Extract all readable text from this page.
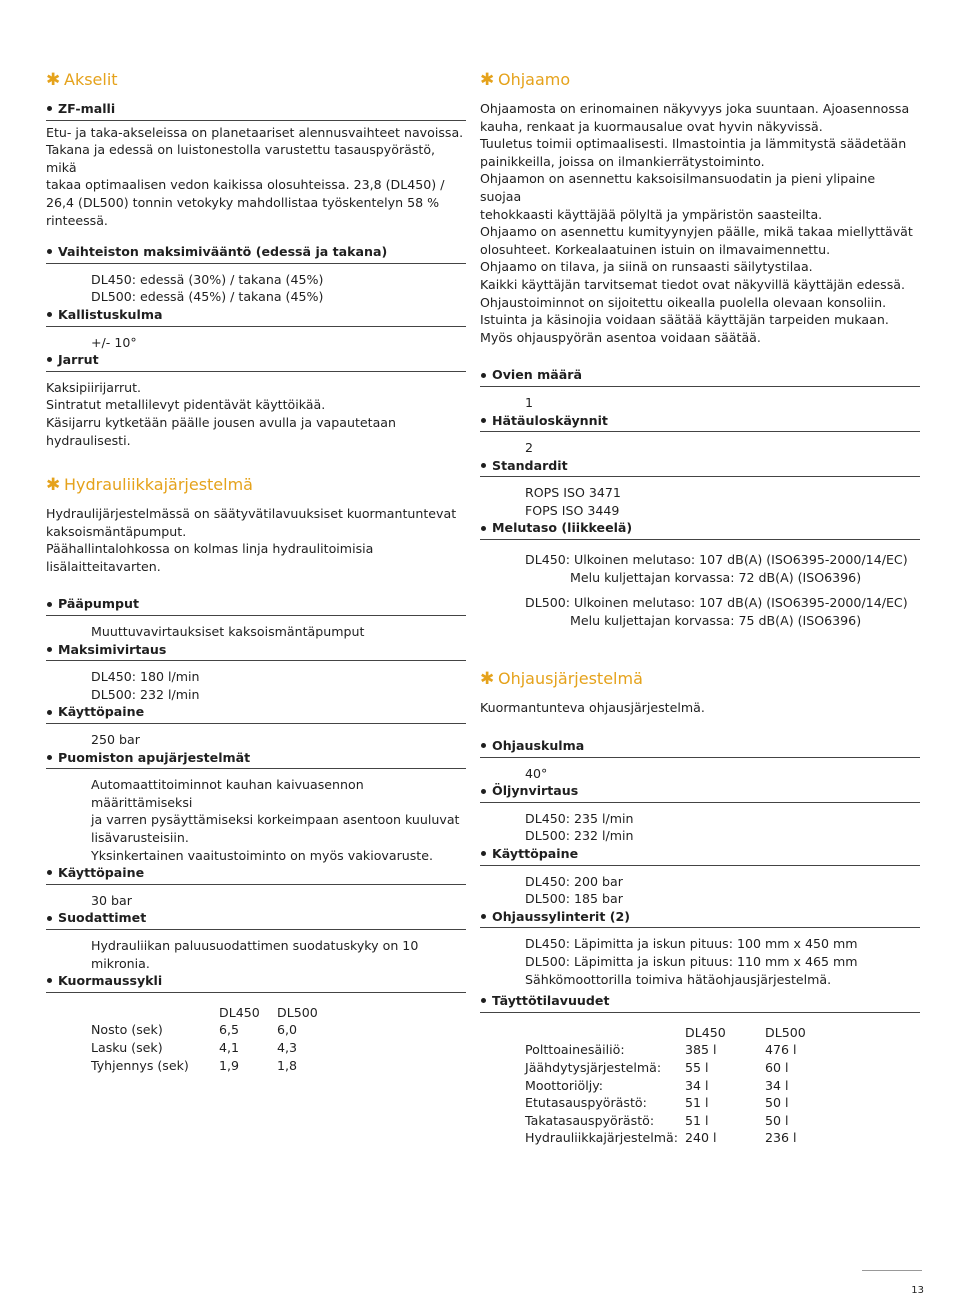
✱ Akselit
ZF-malli

Etu- ja taka-akseleissa on planetaariset alennusvaihteet navoissa.

Takana ja edessä on luistonestolla varustettu tasauspyörästö, mikä

takaa optimaalisen vedon kaikissa olosuhteissa. 23,8 (DL450) /

26,4 (DL500) tonnin vetokyky mahdollistaa työskentelyn 58 % rinteessä.

Vaihteiston maksimivääntö (edessä ja takana)

DL450: edessä (30%) / takana (45%)

DL500: edessä (45%) / takana (45%)

Kallistuskulma

+/- 10°

Jarrut

Kaksipiirijarrut.

Sintratut metallilevyt pidentävät käyttöikää.

Käsijarru kytketään päälle jousen avulla ja vapautetaan hydraulisesti.

✱ Hydrauliikkajärjestelmä

Hydraulijärjestelmässä on säätyvätilavuuksiset kuormantuntevat

kaksoismäntäpumput.

Päähallintalohkossa on kolmas linja hydraulitoimisia lisälaitteitavarten.

Pääpumput

Muuttuvavirtauksiset kaksoismäntäpumput

Maksimivirtaus

DL450: 180 l/min

DL500: 232 l/min

Käyttöpaine

250 bar

Puomiston apujärjestelmät

Automaattitoiminnot kauhan kaivuasennon määrittämiseksi

ja varren pysäyttämiseksi korkeimpaan asentoon kuuluvat

lisävarusteisiin.

Yksinkertainen vaaitustoiminto on myös vakiovaruste.

Käyttöpaine

30 bar

Suodattimet

Hydrauliikan paluusuodattimen suodatuskyky on 10 mikronia.

Kuormaussykli
	DL450	DL500
Nosto (sek)	6,5	6,0
Lasku (sek)	4,1	4,3
Tyhjennys (sek)	1,9	1,8
✱ Ohjaamo

Ohjaamosta on erinomainen näkyvyys joka suuntaan. Ajoasennossa

kauha, renkaat ja kuormausalue ovat hyvin näkyvissä.

Tuuletus toimii optimaalisesti. Ilmastointia ja lämmitystä säädetään

painikkeilla, joissa on ilmankierrätystoiminto.

Ohjaamon on asennettu kaksoisilmansuodatin ja pieni ylipaine suojaa

tehokkaasti käyttäjää pölyltä ja ympäristön saasteilta.

Ohjaamo on asennettu kumityynyjen päälle, mikä takaa miellyttävät

olosuhteet. Korkealaatuinen istuin on ilmavaimennettu.

Ohjaamo on tilava, ja siinä on runsaasti säilytystilaa.

Kaikki käyttäjän tarvitsemat tiedot ovat näkyvillä käyttäjän edessä.

Ohjaustoiminnot on sijoitettu oikealla puolella olevaan konsoliin.

Istuinta ja käsinojia voidaan säätää käyttäjän tarpeiden mukaan.

Myös ohjauspyörän asentoa voidaan säätää.

Ovien määrä

1

Hätäuloskäynnit

2

Standardit

ROPS ISO 3471

FOPS ISO 3449

Melutaso (liikkeelä)

DL450: Ulkoinen melutaso: 107 dB(A) (ISO6395-2000/14/EC)

Melu kuljettajan korvassa: 72 dB(A) (ISO6396)

DL500: Ulkoinen melutaso: 107 dB(A) (ISO6395-2000/14/EC)

Melu kuljettajan korvassa: 75 dB(A) (ISO6396)

✱ Ohjausjärjestelmä

Kuormantunteva ohjausjärjestelmä.

Ohjauskulma

40°

Öljynvirtaus

DL450: 235 l/min

DL500: 232 l/min

Käyttöpaine

DL450: 200 bar

DL500: 185 bar

Ohjaussylinterit (2)

DL450: Läpimitta ja iskun pituus: 100 mm x 450 mm

DL500: Läpimitta ja iskun pituus: 110 mm x 465 mm

Sähkömoottorilla toimiva hätäohjausjärjestelmä.

Täyttötilavuudet
	DL450	DL500
Polttoainesäiliö:	385 l	476 l
Jäähdytysjärjestelmä:	55 l	60 l
Moottoriöljy:	34 l	34 l
Etutasauspyörästö:	51 l	50 l
Takatasauspyörästö:	51 l	50 l
Hydrauliikkajärjestelmä:	240 l	236 l
13
